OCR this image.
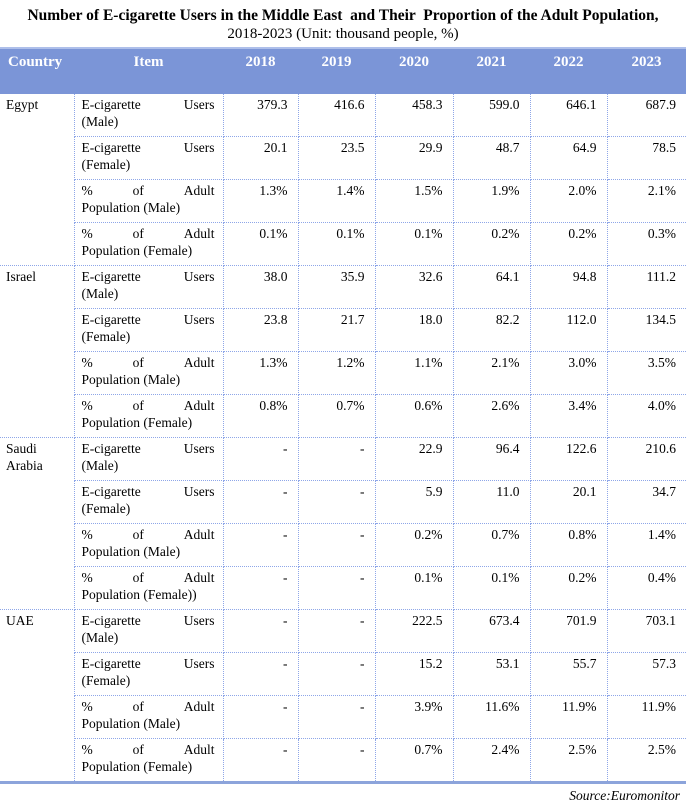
Number of E-cigarette Users in the Middle East  and Their  Proportion of the Adult Population,
2018-2023 (Unit: thousand people, %)
Country	Item	2018	2019	2020	2021	2022	2023
Egypt	E-cigarette Users
(Male)	379.3	416.6	458.3	599.0	646.1	687.9

	E-cigarette Users
(Female)	20.1	23.5	29.9	48.7	64.9	78.5

	% of Adult
Population (Male)	1.3%	1.4%	1.5%	1.9%	2.0%	2.1%

	% of Adult
Population (Female)	0.1%	0.1%	0.1%	0.2%	0.2%	0.3%
Israel	E-cigarette Users
(Male)	38.0	35.9	32.6	64.1	94.8	111.2

	E-cigarette Users
(Female)	23.8	21.7	18.0	82.2	112.0	134.5

	% of Adult
Population (Male)	1.3%	1.2%	1.1%	2.1%	3.0%	3.5%

	% of Adult
Population (Female)	0.8%	0.7%	0.6%	2.6%	3.4%	4.0%
Saudi Arabia	E-cigarette Users
(Male)	-	-	22.9	96.4	122.6	210.6

	E-cigarette Users
(Female)	-	-	5.9	11.0	20.1	34.7

	% of Adult
Population (Male)	-	-	0.2%	0.7%	0.8%	1.4%

	% of Adult
Population (Female))	-	-	0.1%	0.1%	0.2%	0.4%
UAE	E-cigarette Users
(Male)	-	-	222.5	673.4	701.9	703.1

	E-cigarette Users
(Female)	-	-	15.2	53.1	55.7	57.3

	% of Adult
Population (Male)	-	-	3.9%	11.6%	11.9%	11.9%

	% of Adult
Population (Female)	-	-	0.7%	2.4%	2.5%	2.5%
Source:Euromonitor
